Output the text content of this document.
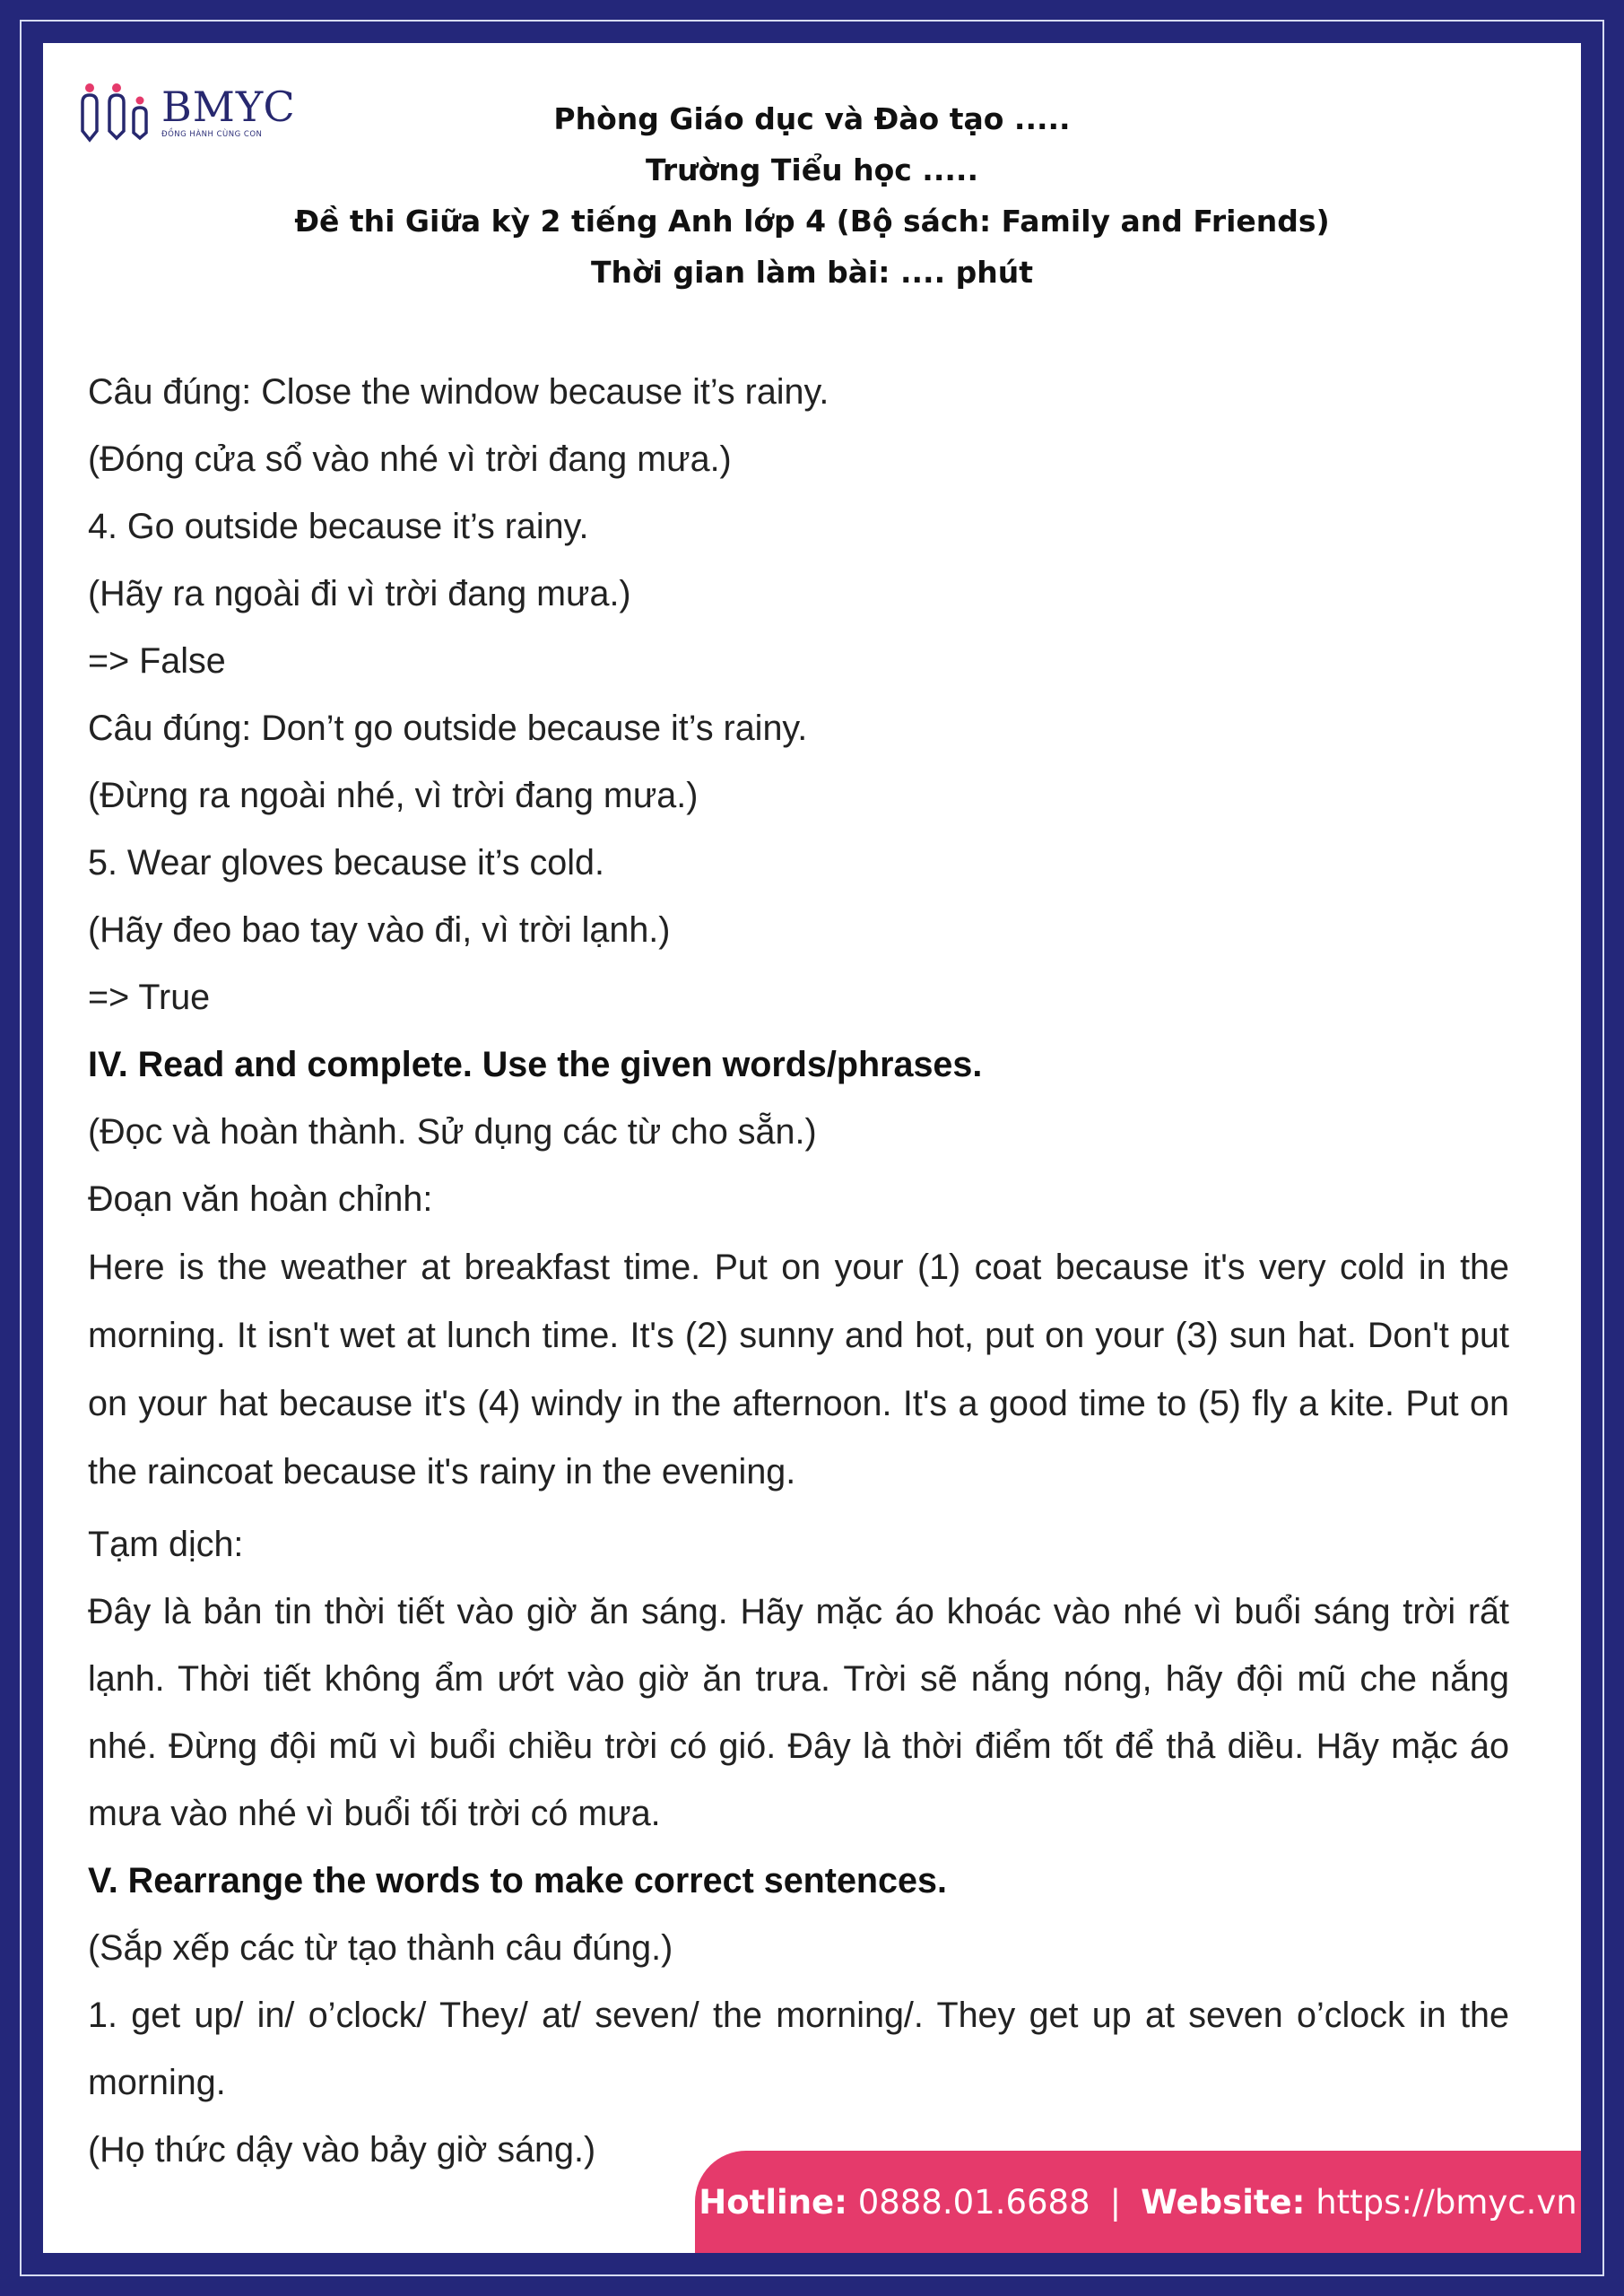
BMYC
ĐỒNG HÀNH CÙNG CON	Phòng Giáo dục và Đào tạo .....
Trường Tiểu học .....
Đề thi Giữa kỳ 2 tiếng Anh lớp 4 (Bộ sách: Family and Friends)
Thời gian làm bài: .... phút
Câu đúng: Close the window because it’s rainy.
(Đóng cửa sổ vào nhé vì trời đang mưa.)
4. Go outside because it’s rainy.
(Hãy ra ngoài đi vì trời đang mưa.)
=> False
Câu đúng: Don’t go outside because it’s rainy.
(Đừng ra ngoài nhé, vì trời đang mưa.)
5. Wear gloves because it’s cold.
(Hãy đeo bao tay vào đi, vì trời lạnh.)
=> True
IV. Read and complete. Use the given words/phrases.
(Đọc và hoàn thành. Sử dụng các từ cho sẵn.)
Đoạn văn hoàn chỉnh:
Here is the weather at breakfast time. Put on your (1) coat because it's very cold in the morning. It isn't wet at lunch time. It's (2) sunny and hot, put on your (3) sun hat. Don't put on your hat because it's (4) windy in the afternoon. It's a good time to (5) fly a kite. Put on the raincoat because it's rainy in the evening.
Tạm dịch:
Đây là bản tin thời tiết vào giờ ăn sáng. Hãy mặc áo khoác vào nhé vì buổi sáng trời rất lạnh. Thời tiết không ẩm ướt vào giờ ăn trưa. Trời sẽ nắng nóng, hãy đội mũ che nắng nhé. Đừng đội mũ vì buổi chiều trời có gió. Đây là thời điểm tốt để thả diều. Hãy mặc áo mưa vào nhé vì buổi tối trời có mưa.
V. Rearrange the words to make correct sentences.
(Sắp xếp các từ tạo thành câu đúng.)
1. get up/ in/ o’clock/ They/ at/ seven/ the morning/. They get up at seven o’clock in the morning.
(Họ thức dậy vào bảy giờ sáng.)
Hotline:
0888.01.6688 | Website:
https://bmyc.vn
